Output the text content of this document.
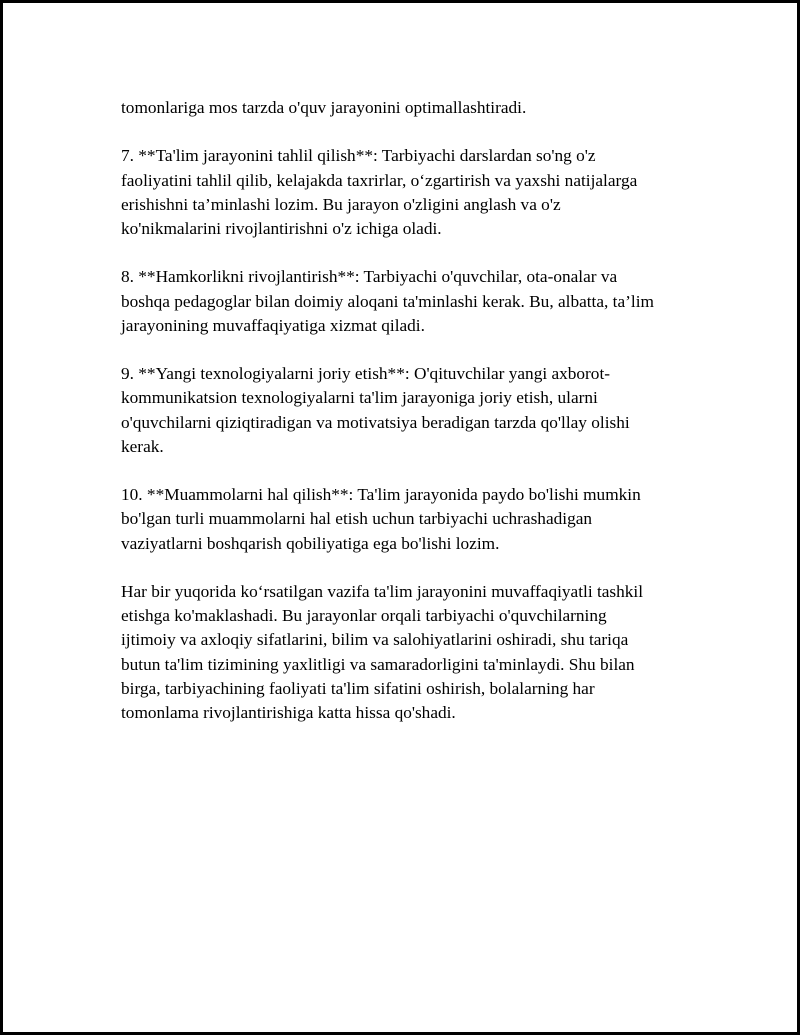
tomonlariga mos tarzda o'quv jarayonini optimallashtiradi.

7. **Ta'lim jarayonini tahlil qilish**: Tarbiyachi darslardan so'ng o'z
faoliyatini tahlil qilib, kelajakda taxrirlar, o‘zgartirish va yaxshi natijalarga
erishishni ta’minlashi lozim. Bu jarayon o'zligini anglash va o'z
ko'nikmalarini rivojlantirishni o'z ichiga oladi.

8. **Hamkorlikni rivojlantirish**: Tarbiyachi o'quvchilar, ota-onalar va
boshqa pedagoglar bilan doimiy aloqani ta'minlashi kerak. Bu, albatta, ta’lim
jarayonining muvaffaqiyatiga xizmat qiladi.

9. **Yangi texnologiyalarni joriy etish**: O'qituvchilar yangi axborot-
kommunikatsion texnologiyalarni ta'lim jarayoniga joriy etish, ularni
o'quvchilarni qiziqtiradigan va motivatsiya beradigan tarzda qo'llay olishi
kerak.

10. **Muammolarni hal qilish**: Ta'lim jarayonida paydo bo'lishi mumkin
bo'lgan turli muammolarni hal etish uchun tarbiyachi uchrashadigan
vaziyatlarni boshqarish qobiliyatiga ega bo'lishi lozim.

Har bir yuqorida ko‘rsatilgan vazifa ta'lim jarayonini muvaffaqiyatli tashkil
etishga ko'maklashadi. Bu jarayonlar orqali tarbiyachi o'quvchilarning
ijtimoiy va axloqiy sifatlarini, bilim va salohiyatlarini oshiradi, shu tariqa
butun ta'lim tizimining yaxlitligi va samaradorligini ta'minlaydi. Shu bilan
birga, tarbiyachining faoliyati ta'lim sifatini oshirish, bolalarning har
tomonlama rivojlantirishiga katta hissa qo'shadi.
